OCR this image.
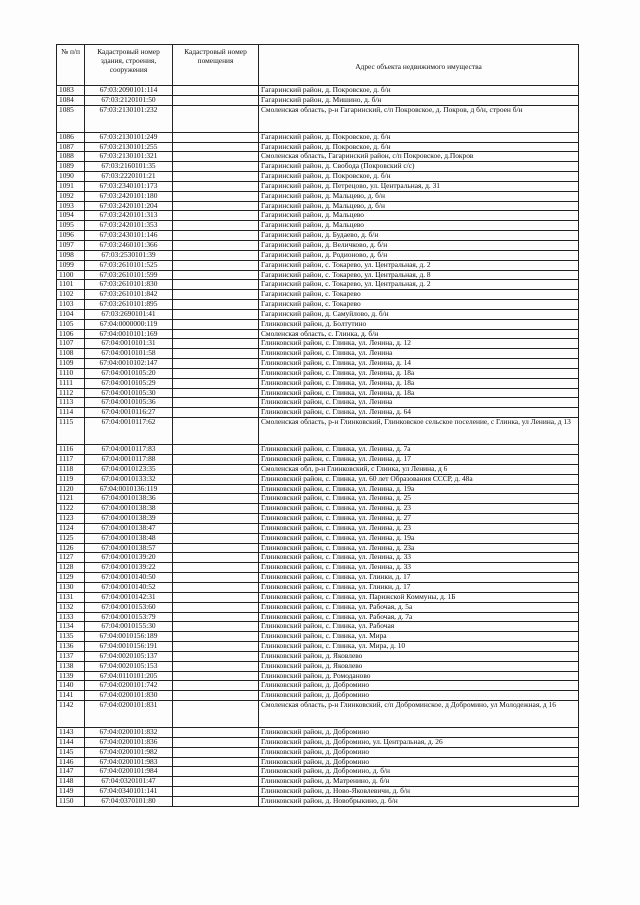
№ п/п	Кадастровый номер здания, строения, сооружения	Кадастровый номер помещения	Адрес объекта недвижимого имущества
1083	67:03:2090101:114		Гагаринский район, д. Покровское, д. б/н
1084	67:03:2120101:50		Гагаринский район, д. Мишино, д. б/н
1085	67:03:2130101:232		Смоленская область, р-н Гагаринский, с/п Покровское, д. Покров, д б/н, строен б/н
1086	67:03:2130101:249		Гагаринский район, д. Покровское, д. б/н
1087	67:03:2130101:255		Гагаринский район, д. Покровское, д. б/н
1088	67:03:2130101:321		Смоленская область, Гагаринский район, с/п Покровское, д.Покров
1089	67:03:2160101:35		Гагаринский район, д. Свобода (Покровский с/с)
1090	67:03:2220101:21		Гагаринский район, д. Покровское, д. б/н
1091	67:03:2340101:173		Гагаринский район, д. Петрецово, ул. Центральная, д. 31
1092	67:03:2420101:180		Гагаринский район, д. Мальцево, д. б/н
1093	67:03:2420101:204		Гагаринский район, д. Мальцево, д. б/н
1094	67:03:2420101:313		Гагаринский район, д. Мальцево
1095	67:03:2420101:353		Гагаринский район, д. Мальцево
1096	67:03:2430101:146		Гагаринский район, д. Будаево, д. б/н
1097	67:03:2460101:366		Гагаринский район, д. Величково, д. б/н
1098	67:03:2530101:39		Гагаринский район, д. Родионово, д. б/н
1099	67:03:2610101:525		Гагаринский район, с. Токарево, ул. Центральная, д. 2
1100	67:03:2610101:599		Гагаринский район, с. Токарево, ул. Центральная, д. 8
1101	67:03:2610101:830		Гагаринский район, с. Токарево, ул. Центральная, д. 2
1102	67:03:2610101:842		Гагаринский район, с. Токарево
1103	67:03:2610101:895		Гагаринский район, с. Токарево
1104	67:03:2690101:41		Гагаринский район, д. Самуйлово, д. б/н
1105	67:04:0000000:119		Глинковский район, д. Болтутино
1106	67:04:0010101:169		Смоленская область, с. Глинка, д. б/н
1107	67:04:0010101:31		Глинковский район, с. Глинка, ул. Ленина, д. 12
1108	67:04:0010101:58		Глинковский район, с. Глинка, ул. Ленина
1109	67:04:0010102:147		Глинковский район, с. Глинка, ул. Ленина, д. 14
1110	67:04:0010105:20		Глинковский район, с. Глинка, ул. Ленина, д. 18а
1111	67:04:0010105:29		Глинковский район, с. Глинка, ул. Ленина, д. 18а
1112	67:04:0010105:30		Глинковский район, с. Глинка, ул. Ленина, д. 18а
1113	67:04:0010105:36		Глинковский район, с. Глинка, ул. Ленина
1114	67:04:0010116:27		Глинковский район, с. Глинка, ул. Ленина, д. 64
1115	67:04:0010117:62		Смоленская область, р-н Глинковский, Глинковское сельское поселение, с Глинка, ул Ленина, д 13
1116	67:04:0010117:83		Глинковский район, с. Глинка, ул. Ленина, д. 7а
1117	67:04:0010117:88		Глинковский район, с. Глинка, ул. Ленина, д. 17
1118	67:04:0010123:35		Смоленская обл, р-н Глинковский, с Глинка, ул Ленина, д 6
1119	67:04:0010133:32		Глинковский район, с. Глинка, ул. 60 лет Образования СССР, д. 48а
1120	67:04:0010136:119		Глинковский район, с. Глинка, ул. Ленина, д. 19а
1121	67:04:0010138:36		Глинковский район, с. Глинка, ул. Ленина, д. 25
1122	67:04:0010138:38		Глинковский район, с. Глинка, ул. Ленина, д. 23
1123	67:04:0010138:39		Глинковский район, с. Глинка, ул. Ленина, д. 27
1124	67:04:0010138:47		Глинковский район, с. Глинка, ул. Ленина, д. 23
1125	67:04:0010138:48		Глинковский район, с. Глинка, ул. Ленина, д. 19а
1126	67:04:0010138:57		Глинковский район, с. Глинка, ул. Ленина, д. 23а
1127	67:04:0010139:20		Глинковский район, с. Глинка, ул. Ленина, д. 33
1128	67:04:0010139:22		Глинковский район, с. Глинка, ул. Ленина, д. 33
1129	67:04:0010140:50		Глинковский район, с. Глинка, ул. Глинки, д. 17
1130	67:04:0010140:52		Глинковский район, с. Глинка, ул. Глинки, д. 17
1131	67:04:0010142:31		Глинковский район, с. Глинка, ул. Парижской Коммуны, д. 1Б
1132	67:04:0010153:60		Глинковский район, с. Глинка, ул. Рабочая, д. 5а
1133	67:04:0010153:79		Глинковский район, с. Глинка, ул. Рабочая, д. 7а
1134	67:04:0010155:30		Глинковский район, с. Глинка, ул. Рабочая
1135	67:04:0010156:189		Глинковский район, с. Глинка, ул. Мира
1136	67:04:0010156:191		Глинковский район, с. Глинка, ул. Мира, д. 10
1137	67:04:0020105:137		Глинковский район, д. Яковлево
1138	67:04:0020105:153		Глинковский район, д. Яковлево
1139	67:04:0110101:205		Глинковский район, д. Ромоданово
1140	67:04:0200101:742		Глинковский район, д. Добромино
1141	67:04:0200101:830		Глинковский район, д. Добромино
1142	67:04:0200101:831		Смоленская область, р-н Глинковский, с/п Доброминское, д Добромино, ул Молодежная, д 16
1143	67:04:0200101:832		Глинковский район, д. Добромино
1144	67:04:0200101:836		Глинковский район, д. Добромино, ул. Центральная, д. 26
1145	67:04:0200101:982		Глинковский район, д. Добромино
1146	67:04:0200101:983		Глинковский район, д. Добромино
1147	67:04:0200101:984		Глинковский район, д. Добромино, д. б/н
1148	67:04:0320101:47		Глинковский район, д. Матренино, д. б/н
1149	67:04:0340101:141		Глинковский район, д. Ново-Яковлевичи, д. б/н
1150	67:04:0370101:80		Глинковский район, д. Новобрыкино, д. б/н
